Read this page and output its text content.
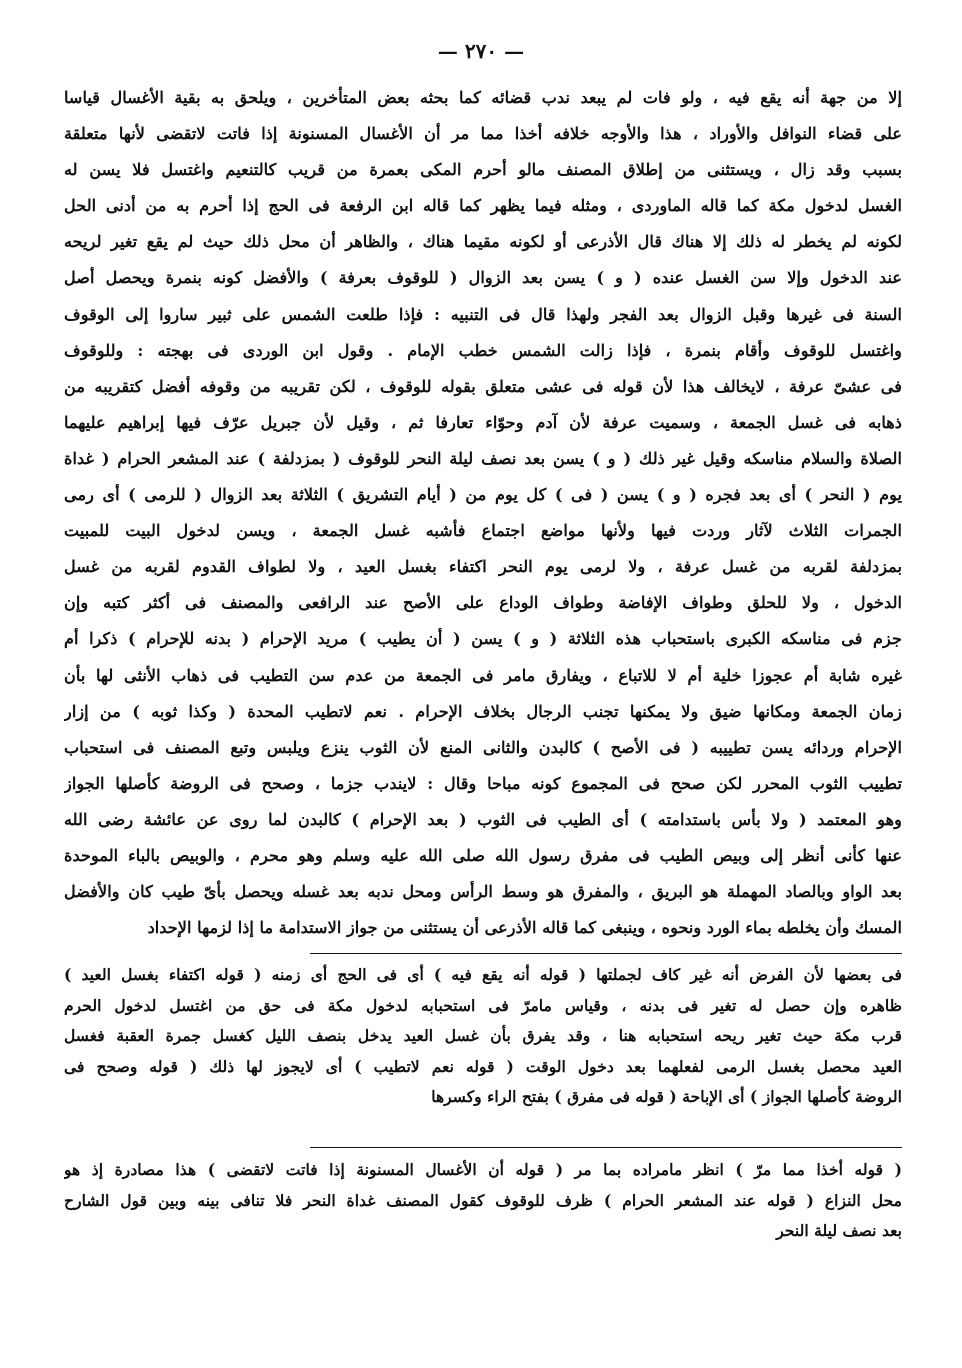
— ٢٧٠ —
إلا من جهة أنه يقع فيه ، ولو فات لم يبعد ندب قضائه كما بحثه بعض المتأخرين ، ويلحق به بقية الأغسال قياسا
على قضاء النوافل والأوراد ، هذا والأوجه خلافه أخذا مما مر أن الأغسال المسنونة إذا فاتت لاتقضى لأنها متعلقة
بسبب وقد زال ، ويستثنى من إطلاق المصنف مالو أحرم المكى بعمرة من قريب كالتنعيم واغتسل فلا يسن له
الغسل لدخول مكة كما قاله الماوردى ، ومثله فيما يظهر كما قاله ابن الرفعة فى الحج إذا أحرم به من أدنى الحل
لكونه لم يخطر له ذلك إلا هناك قال الأذرعى أو لكونه مقيما هناك ، والظاهر أن محل ذلك حيث لم يقع تغير لريحه
عند الدخول وإلا سن الغسل عنده ( و ) يسن بعد الزوال ( للوقوف بعرفة ) والأفضل كونه بنمرة ويحصل أصل
السنة فى غيرها وقبل الزوال بعد الفجر ولهذا قال فى التنبيه : فإذا طلعت الشمس على ثبير ساروا إلى الوقوف
واغتسل للوقوف وأقام بنمرة ، فإذا زالت الشمس خطب الإمام . وقول ابن الوردى فى بهجته : وللوقوف
فى عشىّ عرفة ، لايخالف هذا لأن قوله فى عشى متعلق بقوله للوقوف ، لكن تقريبه من وقوفه أفضل كتقريبه من
ذهابه فى غسل الجمعة ، وسميت عرفة لأن آدم وحوّاء تعارفا ثم ، وقيل لأن جبريل عرّف فيها إبراهيم عليهما
الصلاة والسلام مناسكه وقيل غير ذلك ( و ) يسن بعد نصف ليلة النحر للوقوف ( بمزدلفة ) عند المشعر الحرام ( غداة
يوم ( النحر ) أى بعد فجره ( و ) يسن ( فى ) كل يوم من ( أيام التشريق ) الثلاثة بعد الزوال ( للرمى ) أى رمى
الجمرات الثلاث لآثار وردت فيها ولأنها مواضع اجتماع فأشبه غسل الجمعة ، ويسن لدخول البيت للمبيت
بمزدلفة لقربه من غسل عرفة ، ولا لرمى يوم النحر اكتفاء بغسل العيد ، ولا لطواف القدوم لقربه من غسل
الدخول ، ولا للحلق وطواف الإفاضة وطواف الوداع على الأصح عند الرافعى والمصنف فى أكثر كتبه وإن
جزم فى مناسكه الكبرى باستحباب هذه الثلاثة ( و ) يسن ( أن يطيب ) مريد الإحرام ( بدنه للإحرام ) ذكرا أم
غيره شابة أم عجوزا خلية أم لا للاتباع ، ويفارق مامر فى الجمعة من عدم سن التطيب فى ذهاب الأنثى لها بأن
زمان الجمعة ومكانها ضيق ولا يمكنها تجنب الرجال بخلاف الإحرام . نعم لاتطيب المحدة ( وكذا ثوبه ) من إزار
الإحرام وردائه يسن تطييبه ( فى الأصح ) كالبدن والثانى المنع لأن الثوب ينزع ويلبس وتبع المصنف فى استحباب
تطييب الثوب المحرر لكن صحح فى المجموع كونه مباحا وقال : لايندب جزما ، وصحح فى الروضة كأصلها الجواز
وهو المعتمد ( ولا بأس باستدامته ) أى الطيب فى الثوب ( بعد الإحرام ) كالبدن لما روى عن عائشة رضى الله
عنها كأنى أنظر إلى وبيص الطيب فى مفرق رسول الله صلى الله عليه وسلم وهو محرم ، والوبيص بالباء الموحدة
بعد الواو وبالصاد المهملة هو البريق ، والمفرق هو وسط الرأس ومحل ندبه بعد غسله ويحصل بأىّ طيب كان والأفضل
المسك وأن يخلطه بماء الورد ونحوه ، وينبغى كما قاله الأذرعى أن يستثنى من جواز الاستدامة ما إذا لزمها الإحداد
فى بعضها لأن الفرض أنه غير كاف لجملتها ( قوله أنه يقع فيه ) أى فى الحج أى زمنه ( قوله اكتفاء بغسل العيد )
ظاهره وإن حصل له تغير فى بدنه ، وقياس مامرّ فى استحبابه لدخول مكة فى حق من اغتسل لدخول الحرم
قرب مكة حيث تغير ريحه استحبابه هنا ، وقد يفرق بأن غسل العيد يدخل بنصف الليل كغسل جمرة العقبة فغسل
العيد محصل بغسل الرمى لفعلهما بعد دخول الوقت ( قوله نعم لاتطيب ) أى لايجوز لها ذلك ( قوله وصحح فى
الروضة كأصلها الجواز ) أى الإباحة ( قوله فى مفرق ) بفتح الراء وكسرها
( قوله أخذا مما مرّ ) انظر مامراده بما مر ( قوله أن الأغسال المسنونة إذا فاتت لاتقضى ) هذا مصادرة إذ هو
محل النزاع ( قوله عند المشعر الحرام ) ظرف للوقوف كقول المصنف غداة النحر فلا تنافى بينه وبين قول الشارح
بعد نصف ليلة النحر
